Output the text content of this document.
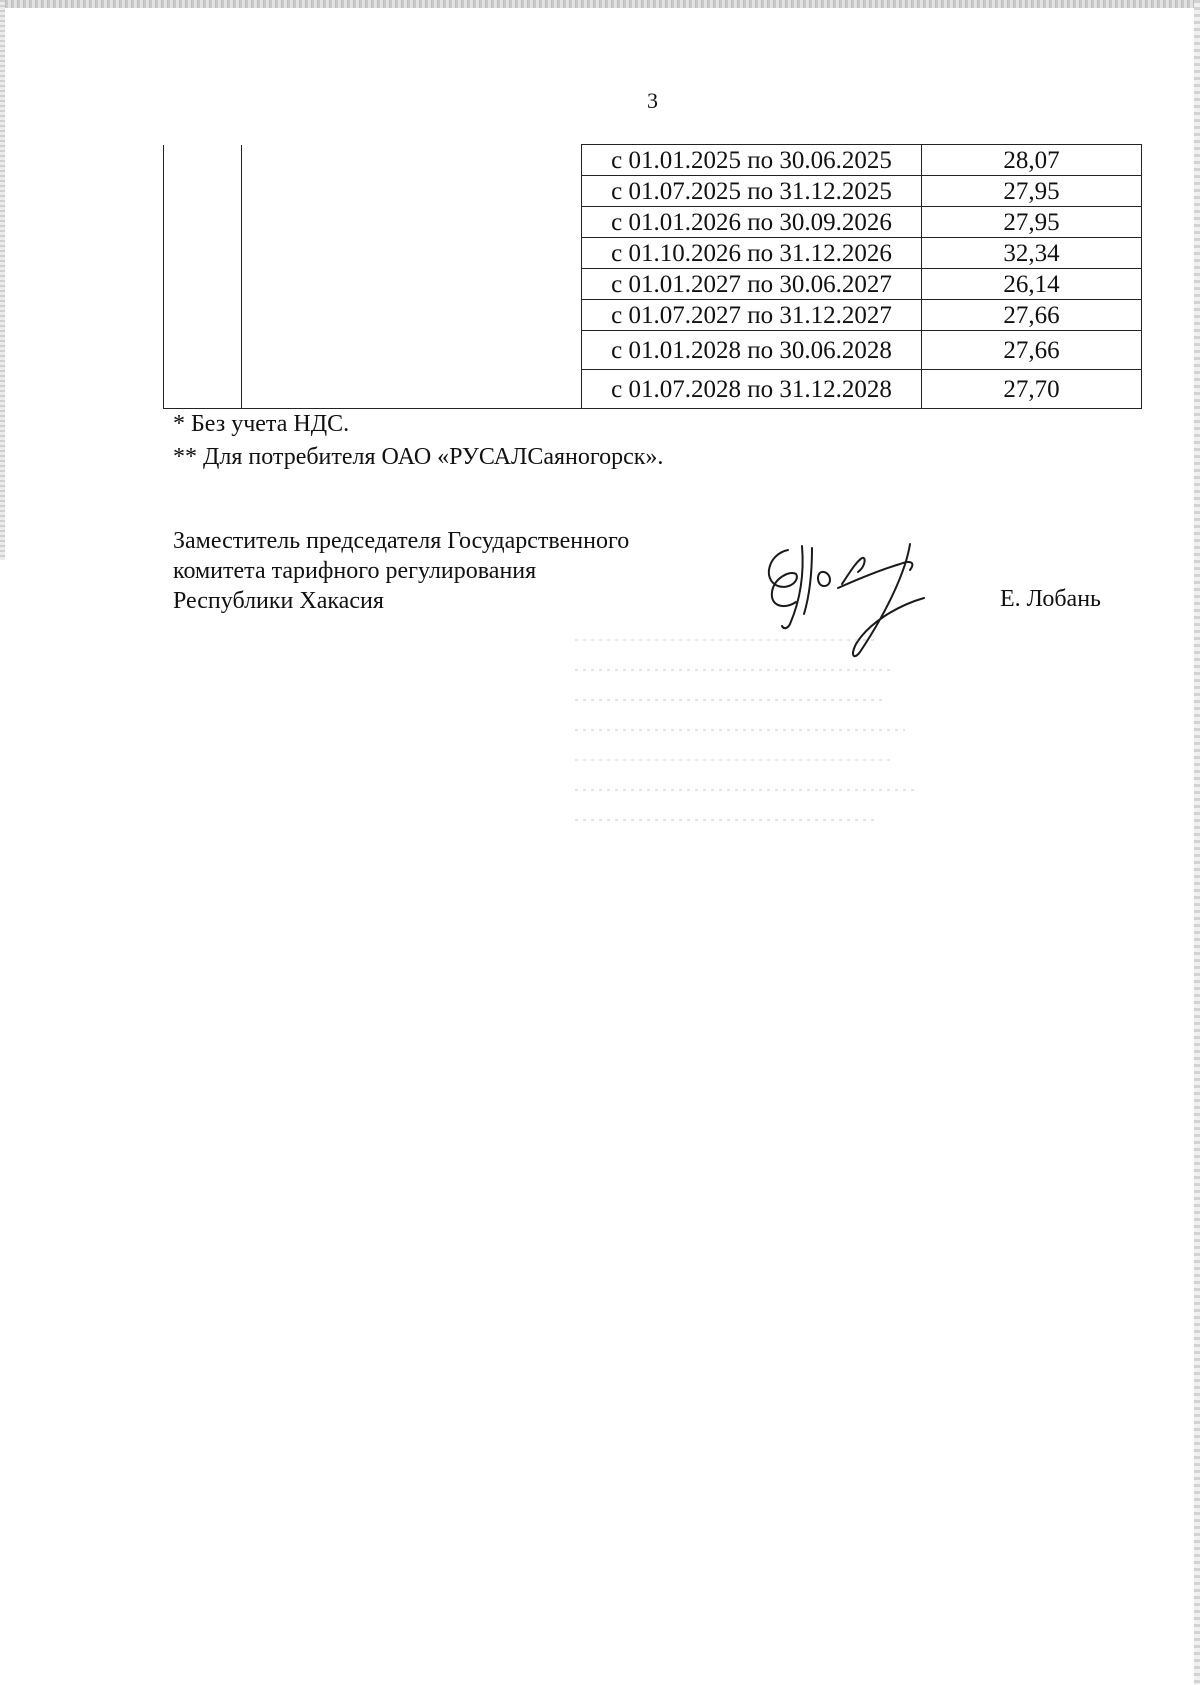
3
		с 01.01.2025 по 30.06.2025	28,07
		с 01.07.2025 по 31.12.2025	27,95
		с 01.01.2026 по 30.09.2026	27,95
		с 01.10.2026 по 31.12.2026	32,34
		с 01.01.2027 по 30.06.2027	26,14
		с 01.07.2027 по 31.12.2027	27,66
		с 01.01.2028 по 30.06.2028	27,66
		с 01.07.2028 по 31.12.2028	27,70
* Без учета НДС.
** Для потребителя ОАО «РУСАЛСаяногорск».
Заместитель председателя Государственного
комитета тарифного регулирования
Республики Хакасия	Е. Лобань
